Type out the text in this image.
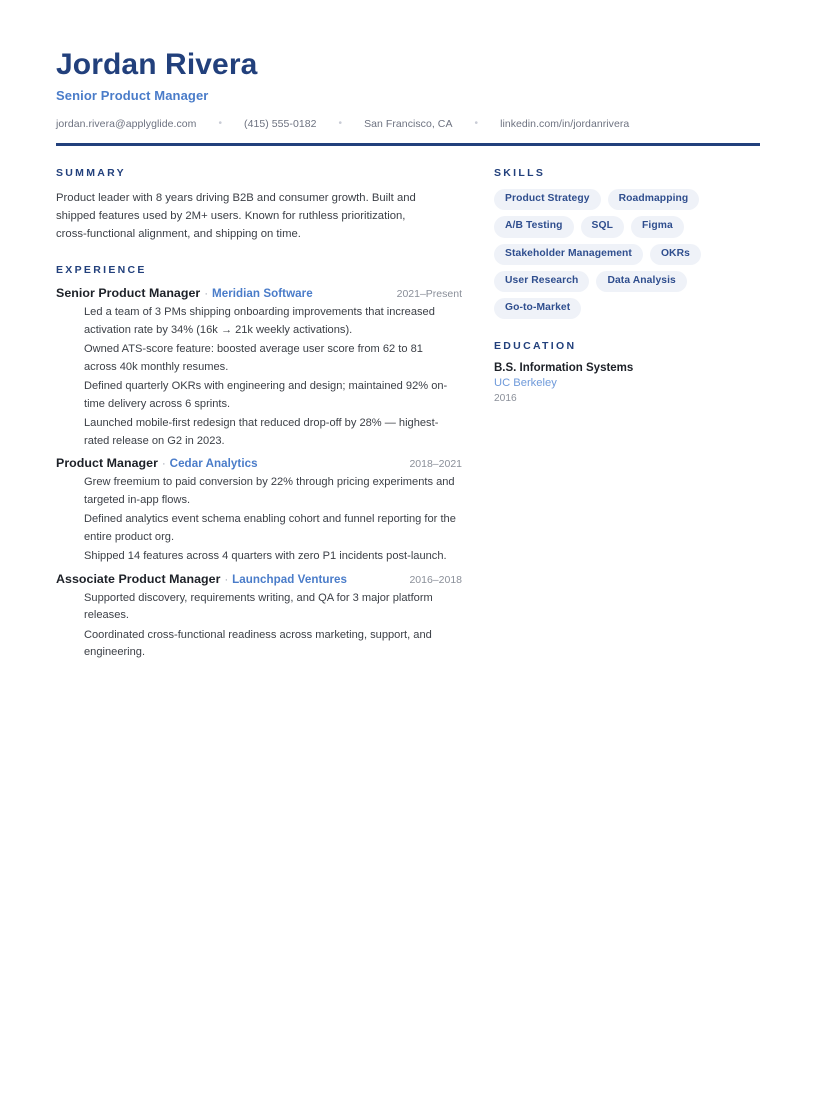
Jordan Rivera
Senior Product Manager
jordan.rivera@applyglide.com	•	(415) 555-0182	•	San Francisco, CA	•	linkedin.com/in/jordanrivera
SUMMARY

Product leader with 8 years driving B2B and consumer growth. Built and shipped features used by 2M+ users. Known for ruthless prioritization, cross-functional alignment, and shipping on time.

EXPERIENCE
Senior Product Manager · Meridian Software	2021–Present
Led a team of 3 PMs shipping onboarding improvements that increased activation rate by 34% (16k → 21k weekly activations).
Owned ATS-score feature: boosted average user score from 62 to 81 across 40k monthly resumes.
Defined quarterly OKRs with engineering and design; maintained 92% on-time delivery across 6 sprints.
Launched mobile-first redesign that reduced drop-off by 28% — highest-rated release on G2 in 2023.
Product Manager · Cedar Analytics	2018–2021
Grew freemium to paid conversion by 22% through pricing experiments and targeted in-app flows.
Defined analytics event schema enabling cohort and funnel reporting for the entire product org.
Shipped 14 features across 4 quarters with zero P1 incidents post-launch.
Associate Product Manager · Launchpad Ventures	2016–2018
Supported discovery, requirements writing, and QA for 3 major platform releases.
Coordinated cross-functional readiness across marketing, support, and engineering.
SKILLS
Product Strategy	Roadmapping
A/B Testing	SQL	Figma
Stakeholder Management	OKRs
User Research	Data Analysis
Go-to-Market
EDUCATION
B.S. Information Systems
UC Berkeley
2016
